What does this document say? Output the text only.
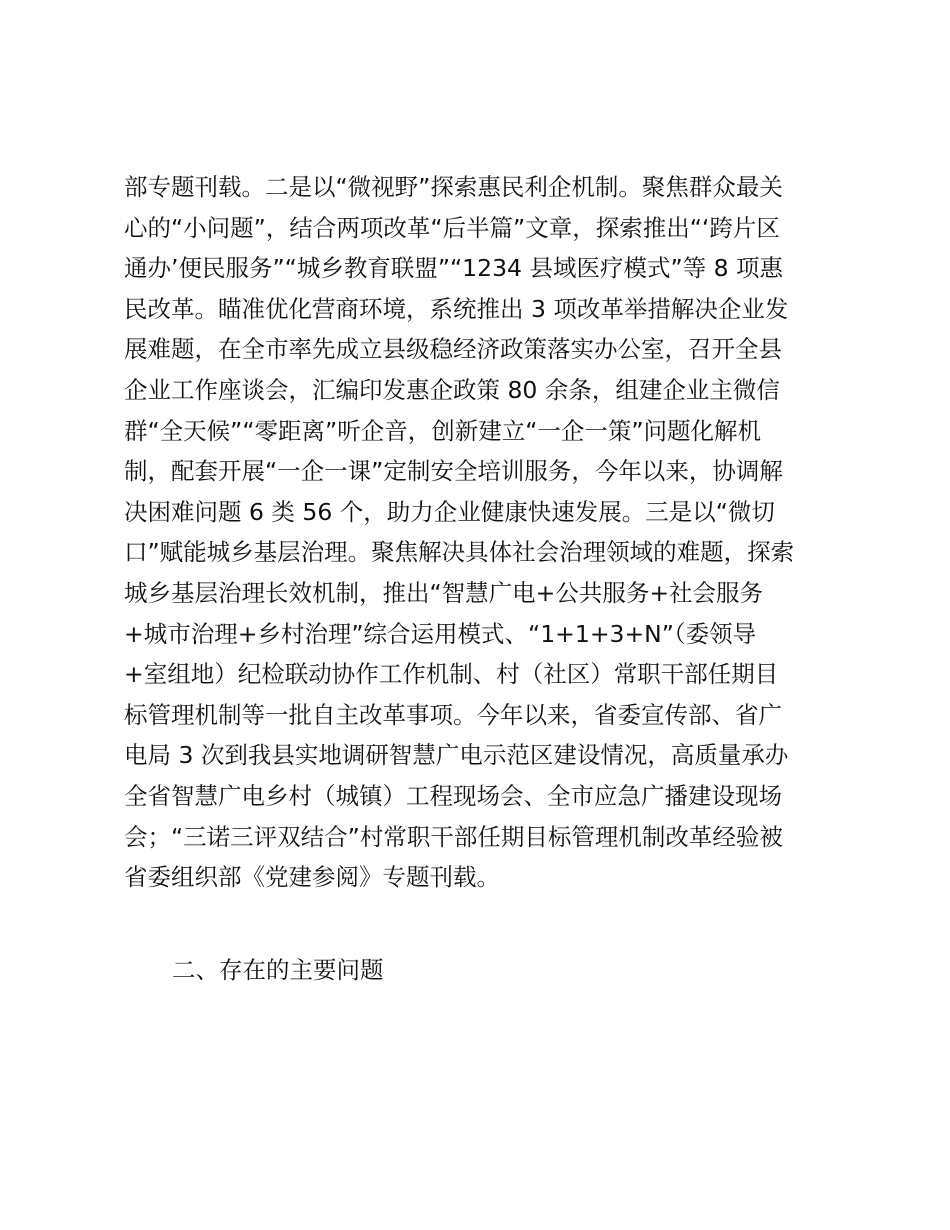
部专题刊载。二是以“微视野”探索惠民利企机制。聚焦群众最关
心的“小问题”，结合两项改革“后半篇”文章，探索推出“‘跨片区
通办’便民服务”“城乡教育联盟”“1234 县域医疗模式”等 8 项惠
民改革。瞄准优化营商环境，系统推出 3 项改革举措解决企业发
展难题，在全市率先成立县级稳经济政策落实办公室，召开全县
企业工作座谈会，汇编印发惠企政策 80 余条，组建企业主微信
群“全天候”“零距离”听企音，创新建立“一企一策”问题化解机
制，配套开展“一企一课”定制安全培训服务，今年以来，协调解
决困难问题 6 类 56 个，助力企业健康快速发展。三是以“微切
口”赋能城乡基层治理。聚焦解决具体社会治理领域的难题，探索
城乡基层治理长效机制，推出“智慧广电+公共服务+社会服务
+城市治理+乡村治理”综合运用模式、“1+1+3+N”（委领导
+室组地）纪检联动协作工作机制、村（社区）常职干部任期目
标管理机制等一批自主改革事项。今年以来，省委宣传部、省广
电局 3 次到我县实地调研智慧广电示范区建设情况，高质量承办
全省智慧广电乡村（城镇）工程现场会、全市应急广播建设现场
会；“三诺三评双结合”村常职干部任期目标管理机制改革经验被
省委组织部《党建参阅》专题刊载。
二、存在的主要问题
